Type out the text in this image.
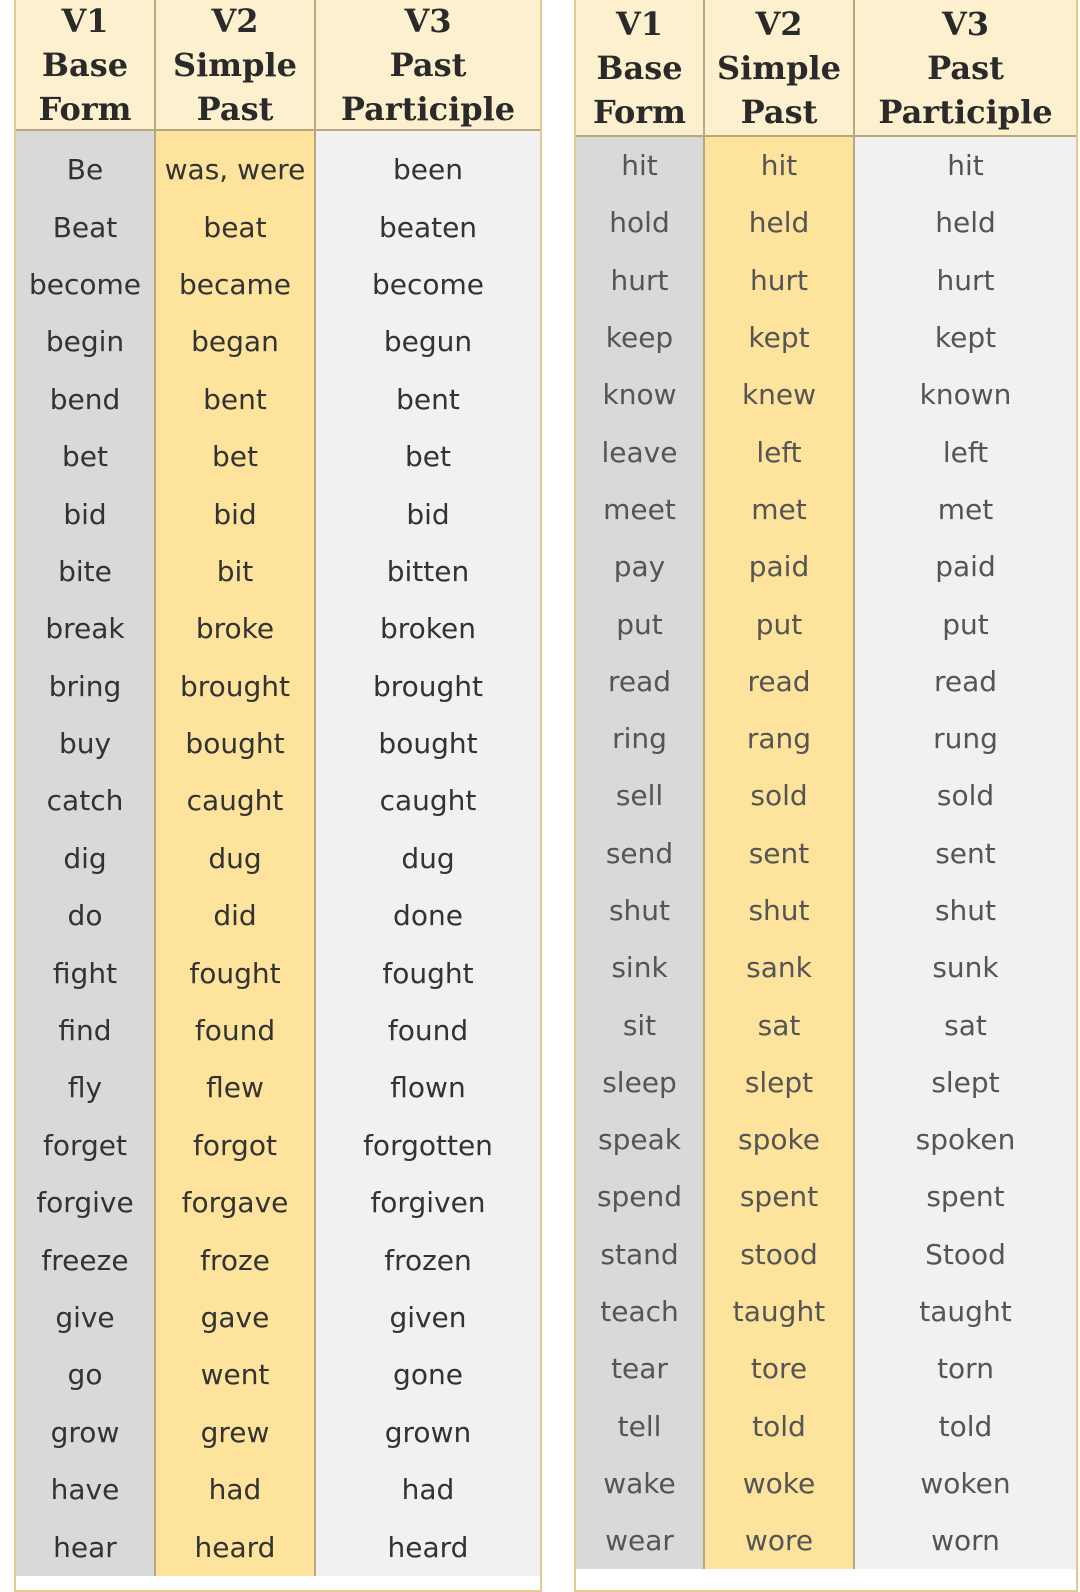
V1
Base
Form
V2
Simple
Past
V3
Past
Participle
Be
Beat
become
begin
bend
bet
bid
bite
break
bring
buy
catch
dig
do
fight
find
fly
forget
forgive
freeze
give
go
grow
have
hear
was, were
beat
became
began
bent
bet
bid
bit
broke
brought
bought
caught
dug
did
fought
found
flew
forgot
forgave
froze
gave
went
grew
had
heard
been
beaten
become
begun
bent
bet
bid
bitten
broken
brought
bought
caught
dug
done
fought
found
flown
forgotten
forgiven
frozen
given
gone
grown
had
heard
V1
Base
Form
V2
Simple
Past
V3
Past
Participle
hit
hold
hurt
keep
know
leave
meet
pay
put
read
ring
sell
send
shut
sink
sit
sleep
speak
spend
stand
teach
tear
tell
wake
wear
hit
held
hurt
kept
knew
left
met
paid
put
read
rang
sold
sent
shut
sank
sat
slept
spoke
spent
stood
taught
tore
told
woke
wore
hit
held
hurt
kept
known
left
met
paid
put
read
rung
sold
sent
shut
sunk
sat
slept
spoken
spent
Stood
taught
torn
told
woken
worn
